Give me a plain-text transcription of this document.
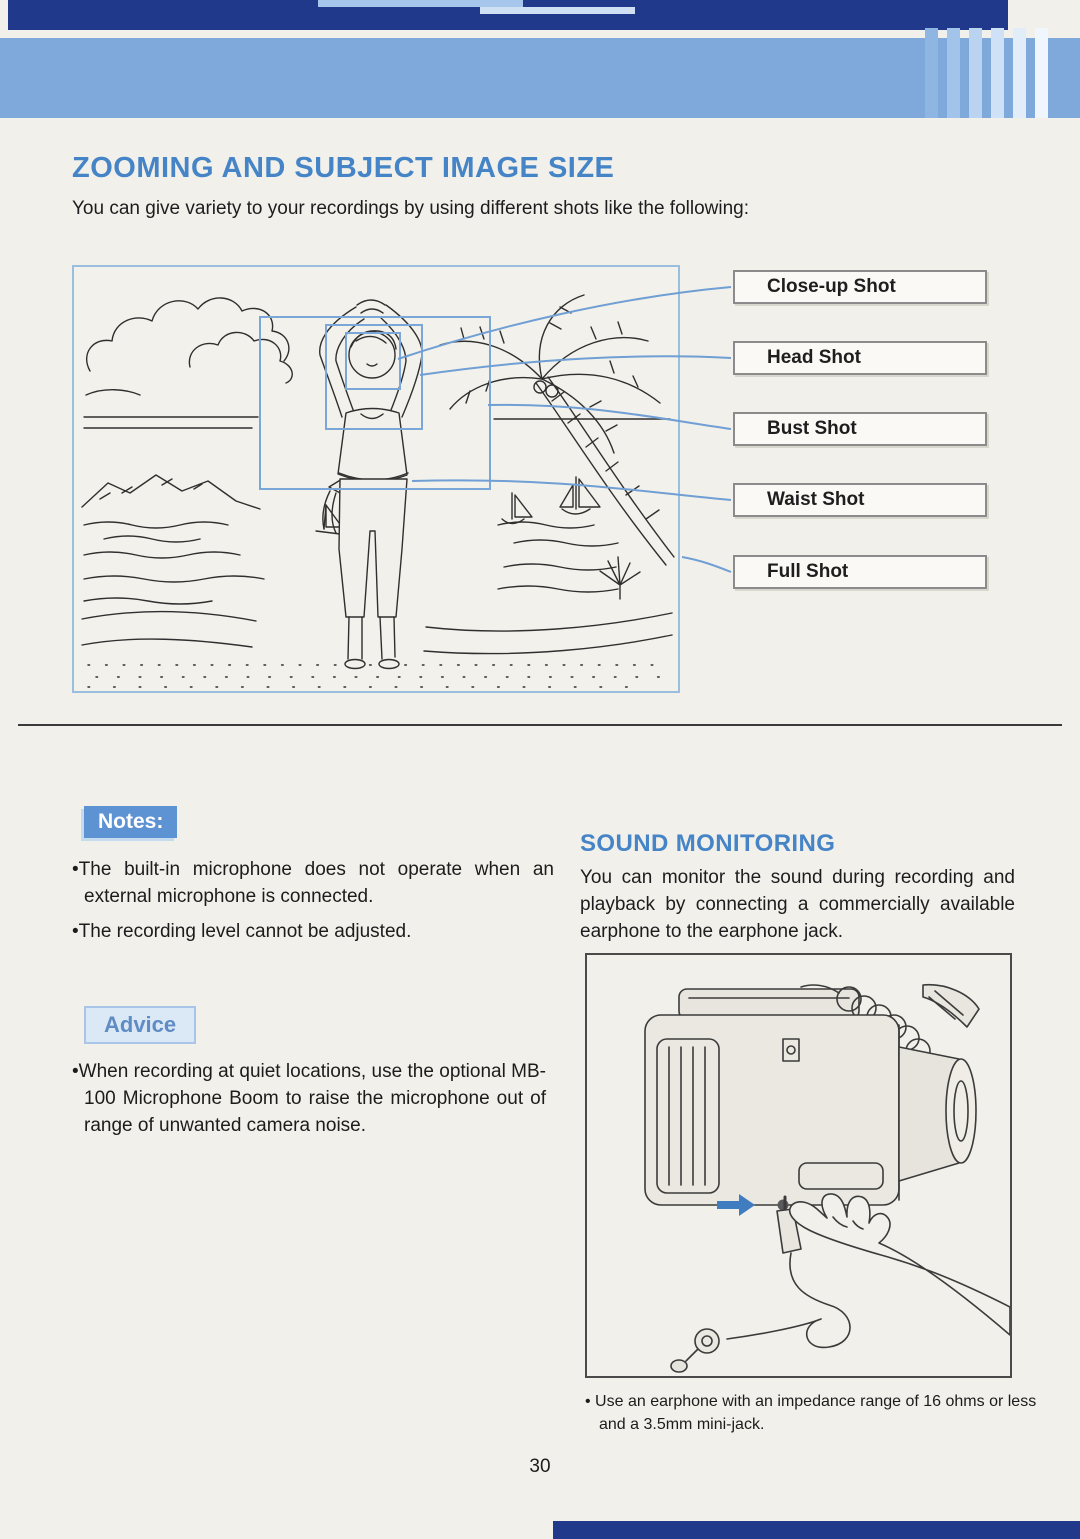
ZOOMING AND SUBJECT IMAGE SIZE

You can give variety to your recordings by using different shots like the following:

Close-up Shot
Head Shot
Bust Shot
Waist Shot
Full Shot
Notes:

• The built-in microphone does not operate when an external microphone is connected.

• The recording level cannot be adjusted.

Advice

• When recording at quiet locations, use the optional MB-100 Microphone Boom to raise the microphone out of range of unwanted camera noise.

SOUND MONITORING

You can monitor the sound during recording and playback by connecting a commercially available earphone to the earphone jack.

• Use an earphone with an impedance range of 16 ohms or less and a 3.5mm mini-jack.

30
